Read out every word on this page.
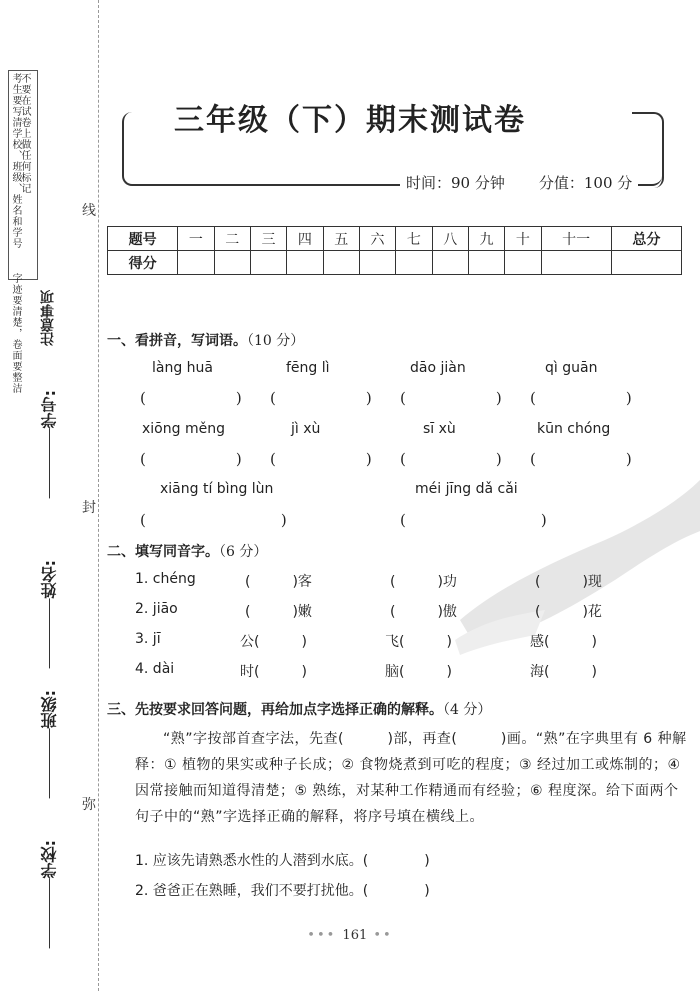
考生要写清学校、班级、姓名和学号
不要在试卷上做任何标记
字迹要清楚，卷面要整洁 注意事项
学号:
姓名:
班级:
学校:
线
封
弥
三年级（下）期末测试卷
时间：90 分钟 分值：100 分
题号	一	二	三	四	五	六	七	八	九	十	十一	总分
得分												
一、看拼音，写词语。（10 分）
làng huā	fēng lì	dāo jiàn	qì guān
(　　　　　　) (　　　　　　) (　　　　　　) (　　　　　　)
xiōng měng	jì xù	sī xù	kūn chóng
(　　　　　　) (　　　　　　) (　　　　　　) (　　　　　　)
xiāng tí bìng lùn	méi jīng dǎ cǎi
(　　　　　　　　　)	(　　　　　　　　　)
二、填写同音字。（6 分）
1. chéng	(　　　)客	(　　　)功	(　　　)现
2. jiāo	(　　　)嫩	(　　　)傲	(　　　)花
3. jī	公(　　　)	飞(　　　)	感(　　　)
4. dài	时(　　　)	脑(　　　)	海(　　　)
三、先按要求回答问题，再给加点字选择正确的解释。（4 分）
“熟”字按部首查字法，先查(　　　)部，再查(　　　)画。“熟”在字典里有 6 种解释：① 植物的果实或种子长成；② 食物烧煮到可吃的程度；③ 经过加工或炼制的；④ 因常接触而知道得清楚；⑤ 熟练，对某种工作精通而有经验；⑥ 程度深。给下面两个句子中的“熟”字选择正确的解释，将序号填在横线上。
1. 应该先请熟悉水性的人潜到水底。(　　　　)
2. 爸爸正在熟睡，我们不要打扰他。(　　　　)
••• 161 ••
